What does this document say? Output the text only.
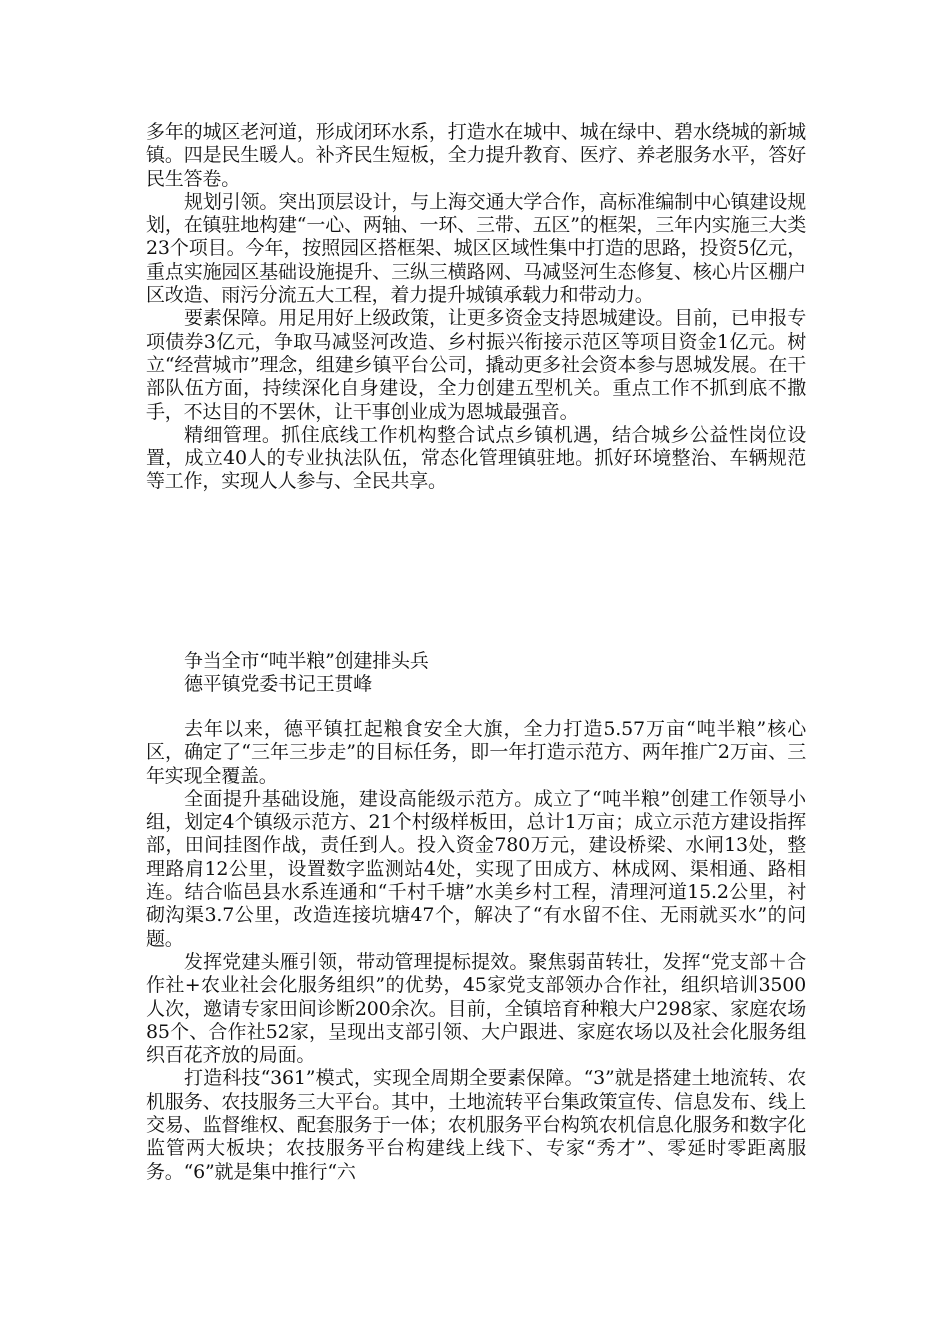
多年的城区老河道，形成闭环水系，打造水在城中、城在绿中、碧水绕城的新城镇。四是民生暖人。补齐民生短板，全力提升教育、医疗、养老服务水平，答好民生答卷。

规划引领。突出顶层设计，与上海交通大学合作，高标准编制中心镇建设规划，在镇驻地构建“一心、两轴、一环、三带、五区”的框架，三年内实施三大类23个项目。今年，按照园区搭框架、城区区域性集中打造的思路，投资5亿元，重点实施园区基础设施提升、三纵三横路网、马减竖河生态修复、核心片区棚户区改造、雨污分流五大工程，着力提升城镇承载力和带动力。

要素保障。用足用好上级政策，让更多资金支持恩城建设。目前，已申报专项债券3亿元，争取马减竖河改造、乡村振兴衔接示范区等项目资金1亿元。树立“经营城市”理念，组建乡镇平台公司，撬动更多社会资本参与恩城发展。在干部队伍方面，持续深化自身建设，全力创建五型机关。重点工作不抓到底不撒手，不达目的不罢休，让干事创业成为恩城最强音。

精细管理。抓住底线工作机构整合试点乡镇机遇，结合城乡公益性岗位设置，成立40人的专业执法队伍，常态化管理镇驻地。抓好环境整治、车辆规范等工作，实现人人参与、全民共享。

争当全市“吨半粮”创建排头兵

德平镇党委书记王贯峰

去年以来，德平镇扛起粮食安全大旗，全力打造5.57万亩“吨半粮”核心区，确定了“三年三步走”的目标任务，即一年打造示范方、两年推广2万亩、三年实现全覆盖。

全面提升基础设施，建设高能级示范方。成立了“吨半粮”创建工作领导小组，划定4个镇级示范方、21个村级样板田，总计1万亩；成立示范方建设指挥部，田间挂图作战，责任到人。投入资金780万元，建设桥梁、水闸13处，整理路肩12公里，设置数字监测站4处，实现了田成方、林成网、渠相通、路相连。结合临邑县水系连通和“千村千塘”水美乡村工程，清理河道15.2公里，衬砌沟渠3.7公里，改造连接坑塘47个，解决了“有水留不住、无雨就买水”的问题。

发挥党建头雁引领，带动管理提标提效。聚焦弱苗转壮，发挥“党支部＋合作社+农业社会化服务组织”的优势，45家党支部领办合作社，组织培训3500人次，邀请专家田间诊断200余次。目前，全镇培育种粮大户298家、家庭农场85个、合作社52家，呈现出支部引领、大户跟进、家庭农场以及社会化服务组织百花齐放的局面。

打造科技“361”模式，实现全周期全要素保障。“3”就是搭建土地流转、农机服务、农技服务三大平台。其中，土地流转平台集政策宣传、信息发布、线上交易、监督维权、配套服务于一体；农机服务平台构筑农机信息化服务和数字化监管两大板块；农技服务平台构建线上线下、专家“秀才”、零延时零距离服务。“6”就是集中推行“六
